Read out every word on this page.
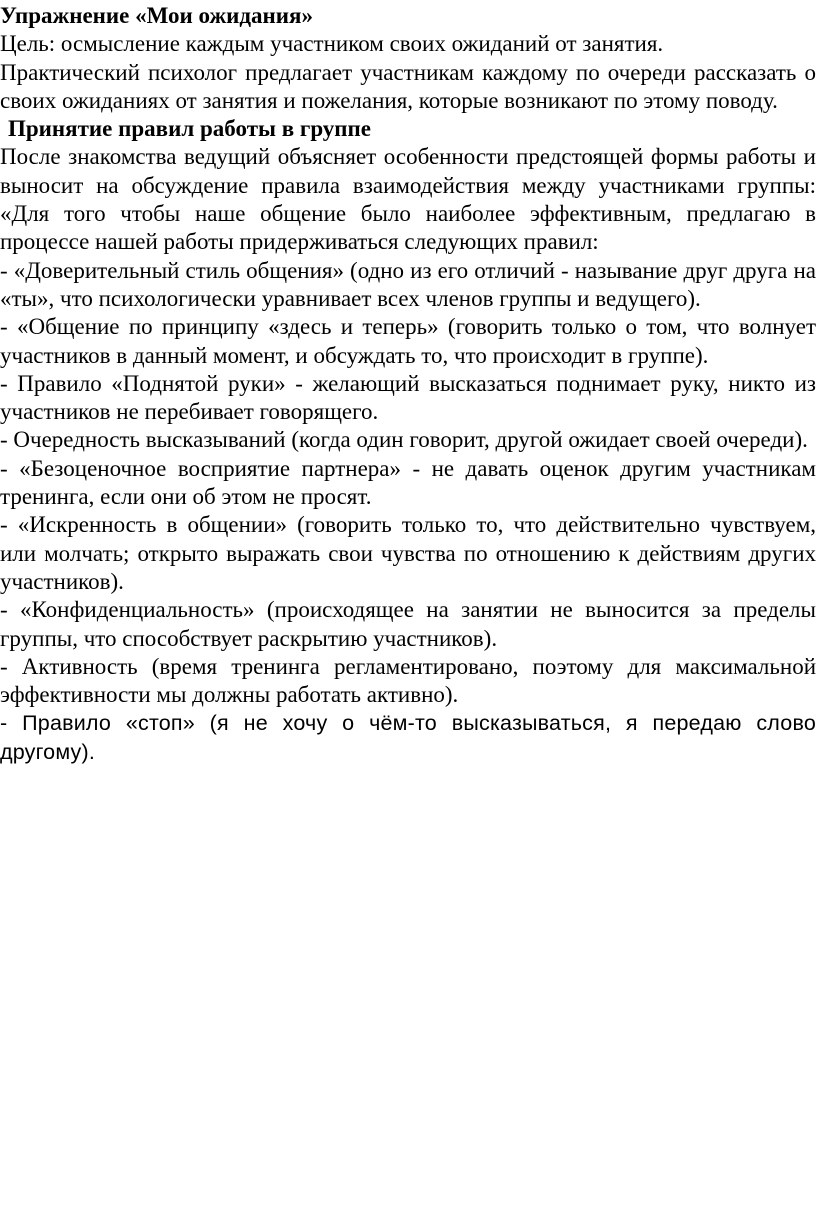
Упражнение «Мои ожидания»

Цель: осмысление каждым участником своих ожиданий от занятия.

Практический психолог предлагает участникам каждому по очереди рассказать о своих ожиданиях от занятия и пожелания, которые возникают по этому поводу.

Принятие правил работы в группе

После знакомства ведущий объясняет особенности предстоящей формы работы и выносит на обсуждение правила взаимодействия между участниками группы: «Для того чтобы наше общение было наиболее эффективным, предлагаю в процессе нашей работы придерживаться следующих правил:

- «Доверительный стиль общения» (одно из его отличий - называние друг друга на «ты», что психологически уравнивает всех членов группы и ведущего).

- «Общение по принципу «здесь и теперь» (говорить только о том, что волнует участников в данный момент, и обсуждать то, что происходит в группе).

- Правило «Поднятой руки» - желающий высказаться поднимает руку, никто из участников не перебивает говорящего.

- Очередность высказываний (когда один говорит, другой ожидает своей очереди).

- «Безоценочное восприятие партнера» - не давать оценок другим участникам тренинга, если они об этом не просят.

- «Искренность в общении» (говорить только то, что действительно чувствуем, или молчать; открыто выражать свои чувства по отношению к действиям других участников).

- «Конфиденциальность» (происходящее на занятии не выносится за пределы группы, что способствует раскрытию участников).

- Активность (время тренинга регламентировано, поэтому для максимальной эффективности мы должны работать активно).

- Правило «стоп» (я не хочу о чём-то высказываться, я передаю слово другому).
